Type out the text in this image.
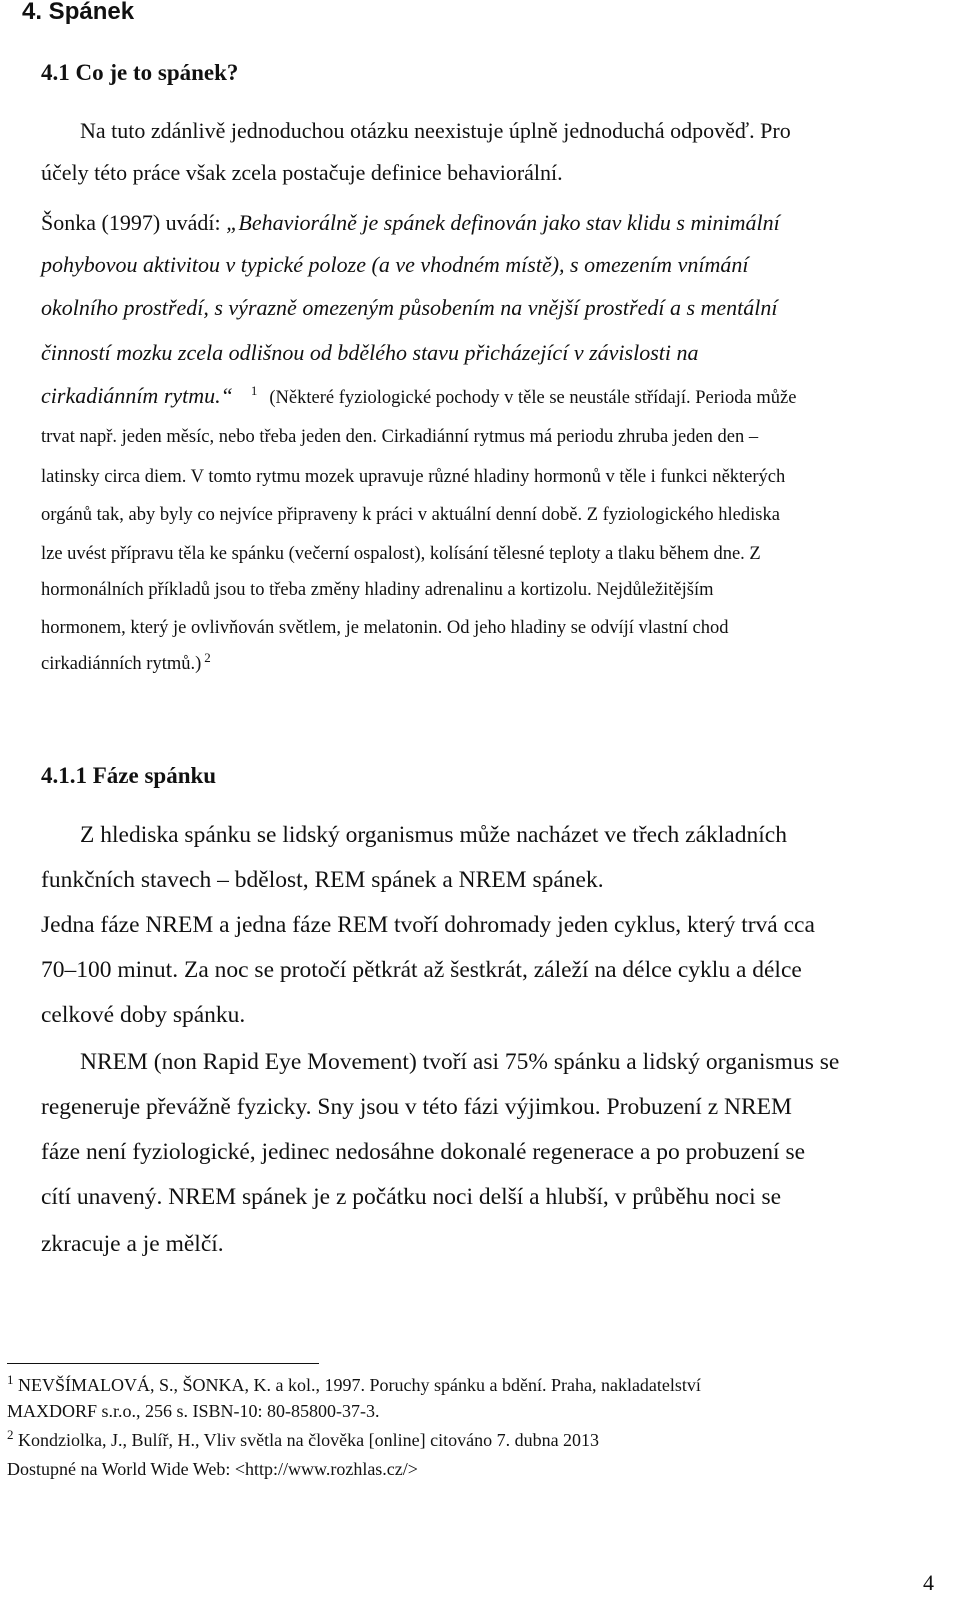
4. Spánek
4.1 Co je to spánek?
Na tuto zdánlivě jednoduchou otázku neexistuje úplně jednoduchá odpověď. Pro
účely této práce však zcela postačuje definice behaviorální.
Šonka (1997) uvádí: „Behaviorálně je spánek definován jako stav klidu s minimální
pohybovou aktivitou v typické poloze (a ve vhodném místě), s omezením vnímání
okolního prostředí, s výrazně omezeným působením na vnější prostředí a s mentální
činností mozku zcela odlišnou od bdělého stavu přicházející v závislosti na
cirkadiánním rytmu.“ $^1$ (Některé fyziologické pochody v těle se neustále střídají. Perioda může
trvat např. jeden měsíc, nebo třeba jeden den. Cirkadiánní rytmus má periodu zhruba jeden den –
latinsky circa diem. V tomto rytmu mozek upravuje různé hladiny hormonů v těle i funkci některých
orgánů tak, aby byly co nejvíce připraveny k práci v aktuální denní době. Z fyziologického hlediska
lze uvést přípravu těla ke spánku (večerní ospalost), kolísání tělesné teploty a tlaku během dne. Z
hormonálních příkladů jsou to třeba změny hladiny adrenalinu a kortizolu. Nejdůležitějším
hormonem, který je ovlivňován světlem, je melatonin. Od jeho hladiny se odvíjí vlastní chod
cirkadiánních rytmů.) $^2$
4.1.1 Fáze spánku
Z hlediska spánku se lidský organismus může nacházet ve třech základních
funkčních stavech – bdělost, REM spánek a NREM spánek.
Jedna fáze NREM a jedna fáze REM tvoří dohromady jeden cyklus, který trvá cca
70–100 minut. Za noc se protočí pětkrát až šestkrát, záleží na délce cyklu a délce
celkové doby spánku.
NREM (non Rapid Eye Movement) tvoří asi 75% spánku a lidský organismus se
regeneruje převážně fyzicky. Sny jsou v této fázi výjimkou. Probuzení z NREM
fáze není fyziologické, jedinec nedosáhne dokonalé regenerace a po probuzení se
cítí unavený. NREM spánek je z počátku noci delší a hlubší, v průběhu noci se
zkracuje a je mělčí.
$^1$ NEVŠÍMALOVÁ, S., ŠONKA, K. a kol., 1997. Poruchy spánku a bdění. Praha, nakladatelství
MAXDORF s.r.o., 256 s. ISBN-10: 80-85800-37-3.
$^2$ Kondziolka, J., Bulíř, H., Vliv světla na člověka [online] citováno 7. dubna 2013
Dostupné na World Wide Web: <http://www.rozhlas.cz/>
4
